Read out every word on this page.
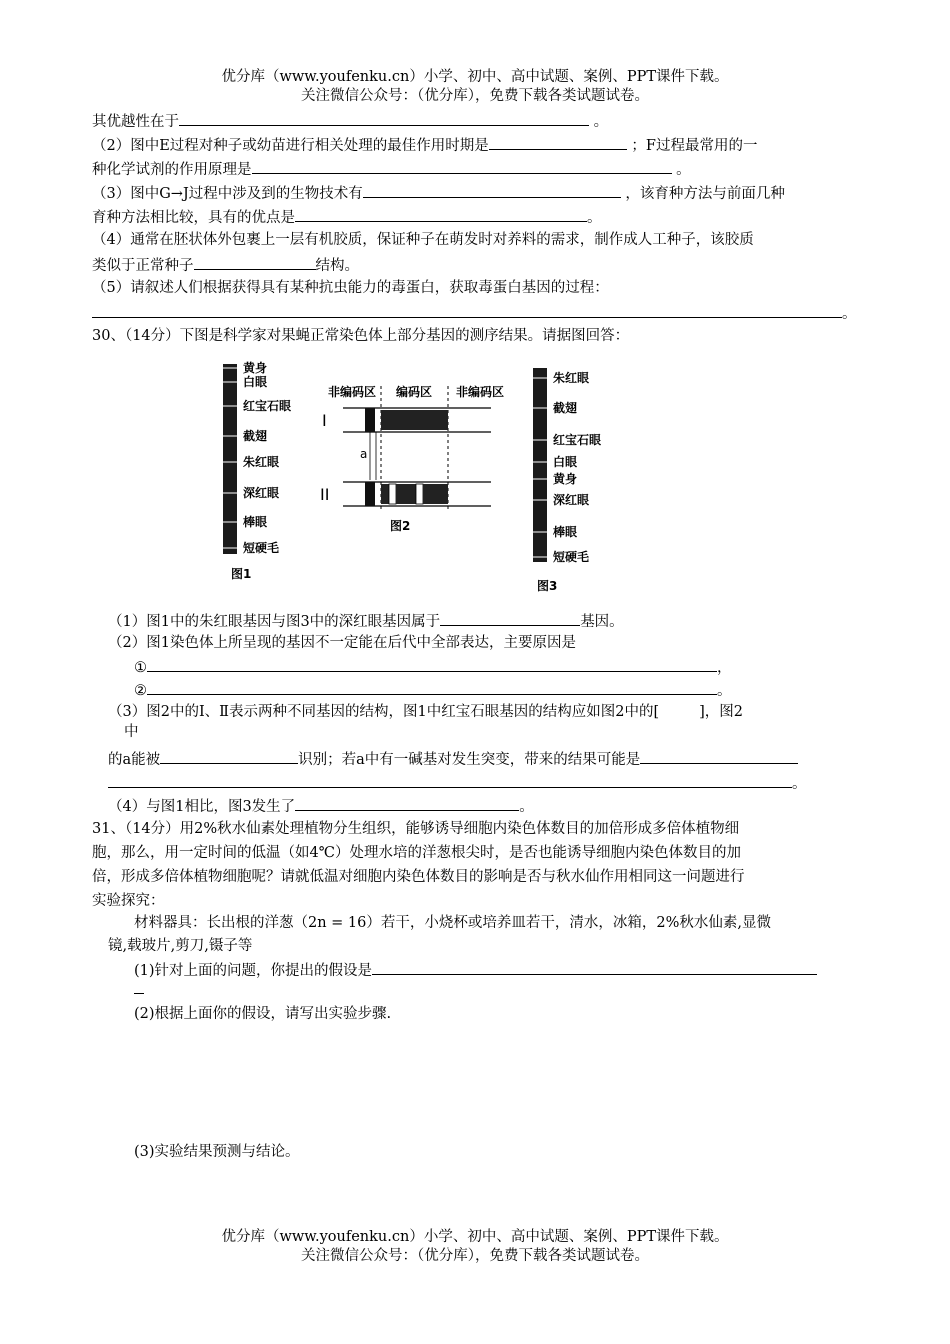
优分库（www.youfenku.cn）小学、初中、高中试题、案例、PPT课件下载。
关注微信公众号：（优分库），免费下载各类试题试卷。
其优越性在于	。
（2）图中E过程对种子或幼苗进行相关处理的最佳作用时期是	；F过程最常用的一
种化学试剂的作用原理是	。
（3）图中G→J过程中涉及到的生物技术有	，该育种方法与前面几种
育种方法相比较，具有的优点是	。
（4）通常在胚状体外包裹上一层有机胶质，保证种子在萌发时对养料的需求，制作成人工种子，该胶质
类似于正常种子	结构。
（5）请叙述人们根据获得具有某种抗虫能力的毒蛋白，获取毒蛋白基因的过程：
。
30、（14分）下图是科学家对果蝇正常染色体上部分基因的测序结果。请据图回答：
黄身
白眼
红宝石眼
截翅
朱红眼
深红眼
棒眼
短硬毛
图1
非编码区 编码区 非编码区
I
a
II
图2
朱红眼
截翅
红宝石眼
白眼
黄身
深红眼
棒眼
短硬毛
图3
（1）图1中的朱红眼基因与图3中的深红眼基因属于	基因。
（2）图1染色体上所呈现的基因不一定能在后代中全部表达，主要原因是
①	，
②	。
（3）图2中的Ⅰ、Ⅱ表示两种不同基因的结构，图1中红宝石眼基因的结构应如图2中的[	]，图2
中
的a能被	识别；若a中有一碱基对发生突变，带来的结果可能是
。
（4）与图1相比，图3发生了	。
31、（14分）用2%秋水仙素处理植物分生组织，能够诱导细胞内染色体数目的加倍形成多倍体植物细
胞，那么，用一定时间的低温（如4℃）处理水培的洋葱根尖时，是否也能诱导细胞内染色体数目的加
倍，形成多倍体植物细胞呢？请就低温对细胞内染色体数目的影响是否与秋水仙作用相同这一问题进行
实验探究：
材料器具：长出根的洋葱（2n = 16）若干，小烧杯或培养皿若干，清水，冰箱，2%秋水仙素,显微
镜,载玻片,剪刀,镊子等
(1)针对上面的问题，你提出的假设是
(2)根据上面你的假设，请写出实验步骤.
(3)实验结果预测与结论。
优分库（www.youfenku.cn）小学、初中、高中试题、案例、PPT课件下载。
关注微信公众号：（优分库），免费下载各类试题试卷。
